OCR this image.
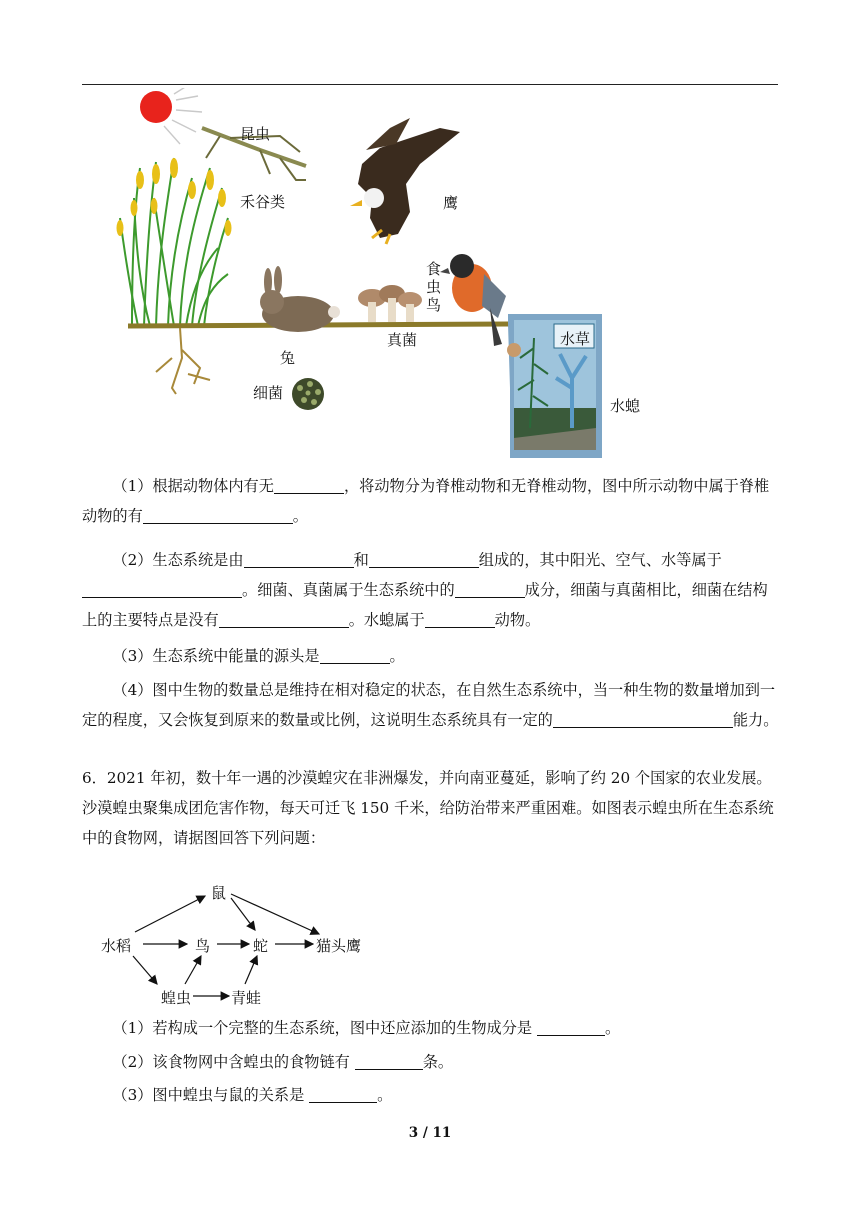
昆虫
禾谷类	鹰
食虫鸟
兔
真菌
细菌
水草
水螅
（1）根据动物体内有无	，将动物分为脊椎动物和无脊椎动物，图中所示动物中属于脊椎动物的有	。
（2）生态系统是由	和	组成的，其中阳光、空气、水等属于。细菌、真菌属于生态系统中的	成分，细菌与真菌相比，细菌在结构上的主要特点是没有	。水螅属于	动物。
（3）生态系统中能量的源头是	。
（4）图中生物的数量总是维持在相对稳定的状态，在自然生态系统中，当一种生物的数量增加到一定的程度，又会恢复到原来的数量或比例，这说明生态系统具有一定的	能力。
6．2021 年初，数十年一遇的沙漠蝗灾在非洲爆发，并向南亚蔓延，影响了约 20 个国家的农业发展。沙漠蝗虫聚集成团危害作物，每天可迁飞 150 千米，给防治带来严重困难。如图表示蝗虫所在生态系统中的食物网，请据图回答下列问题：
鼠
水稻	鸟	蛇	猫头鹰
蝗虫	青蛙
（1）若构成一个完整的生态系统，图中还应添加的生物成分是	。
（2）该食物网中含蝗虫的食物链有	条。
（3）图中蝗虫与鼠的关系是	。
3 / 11
